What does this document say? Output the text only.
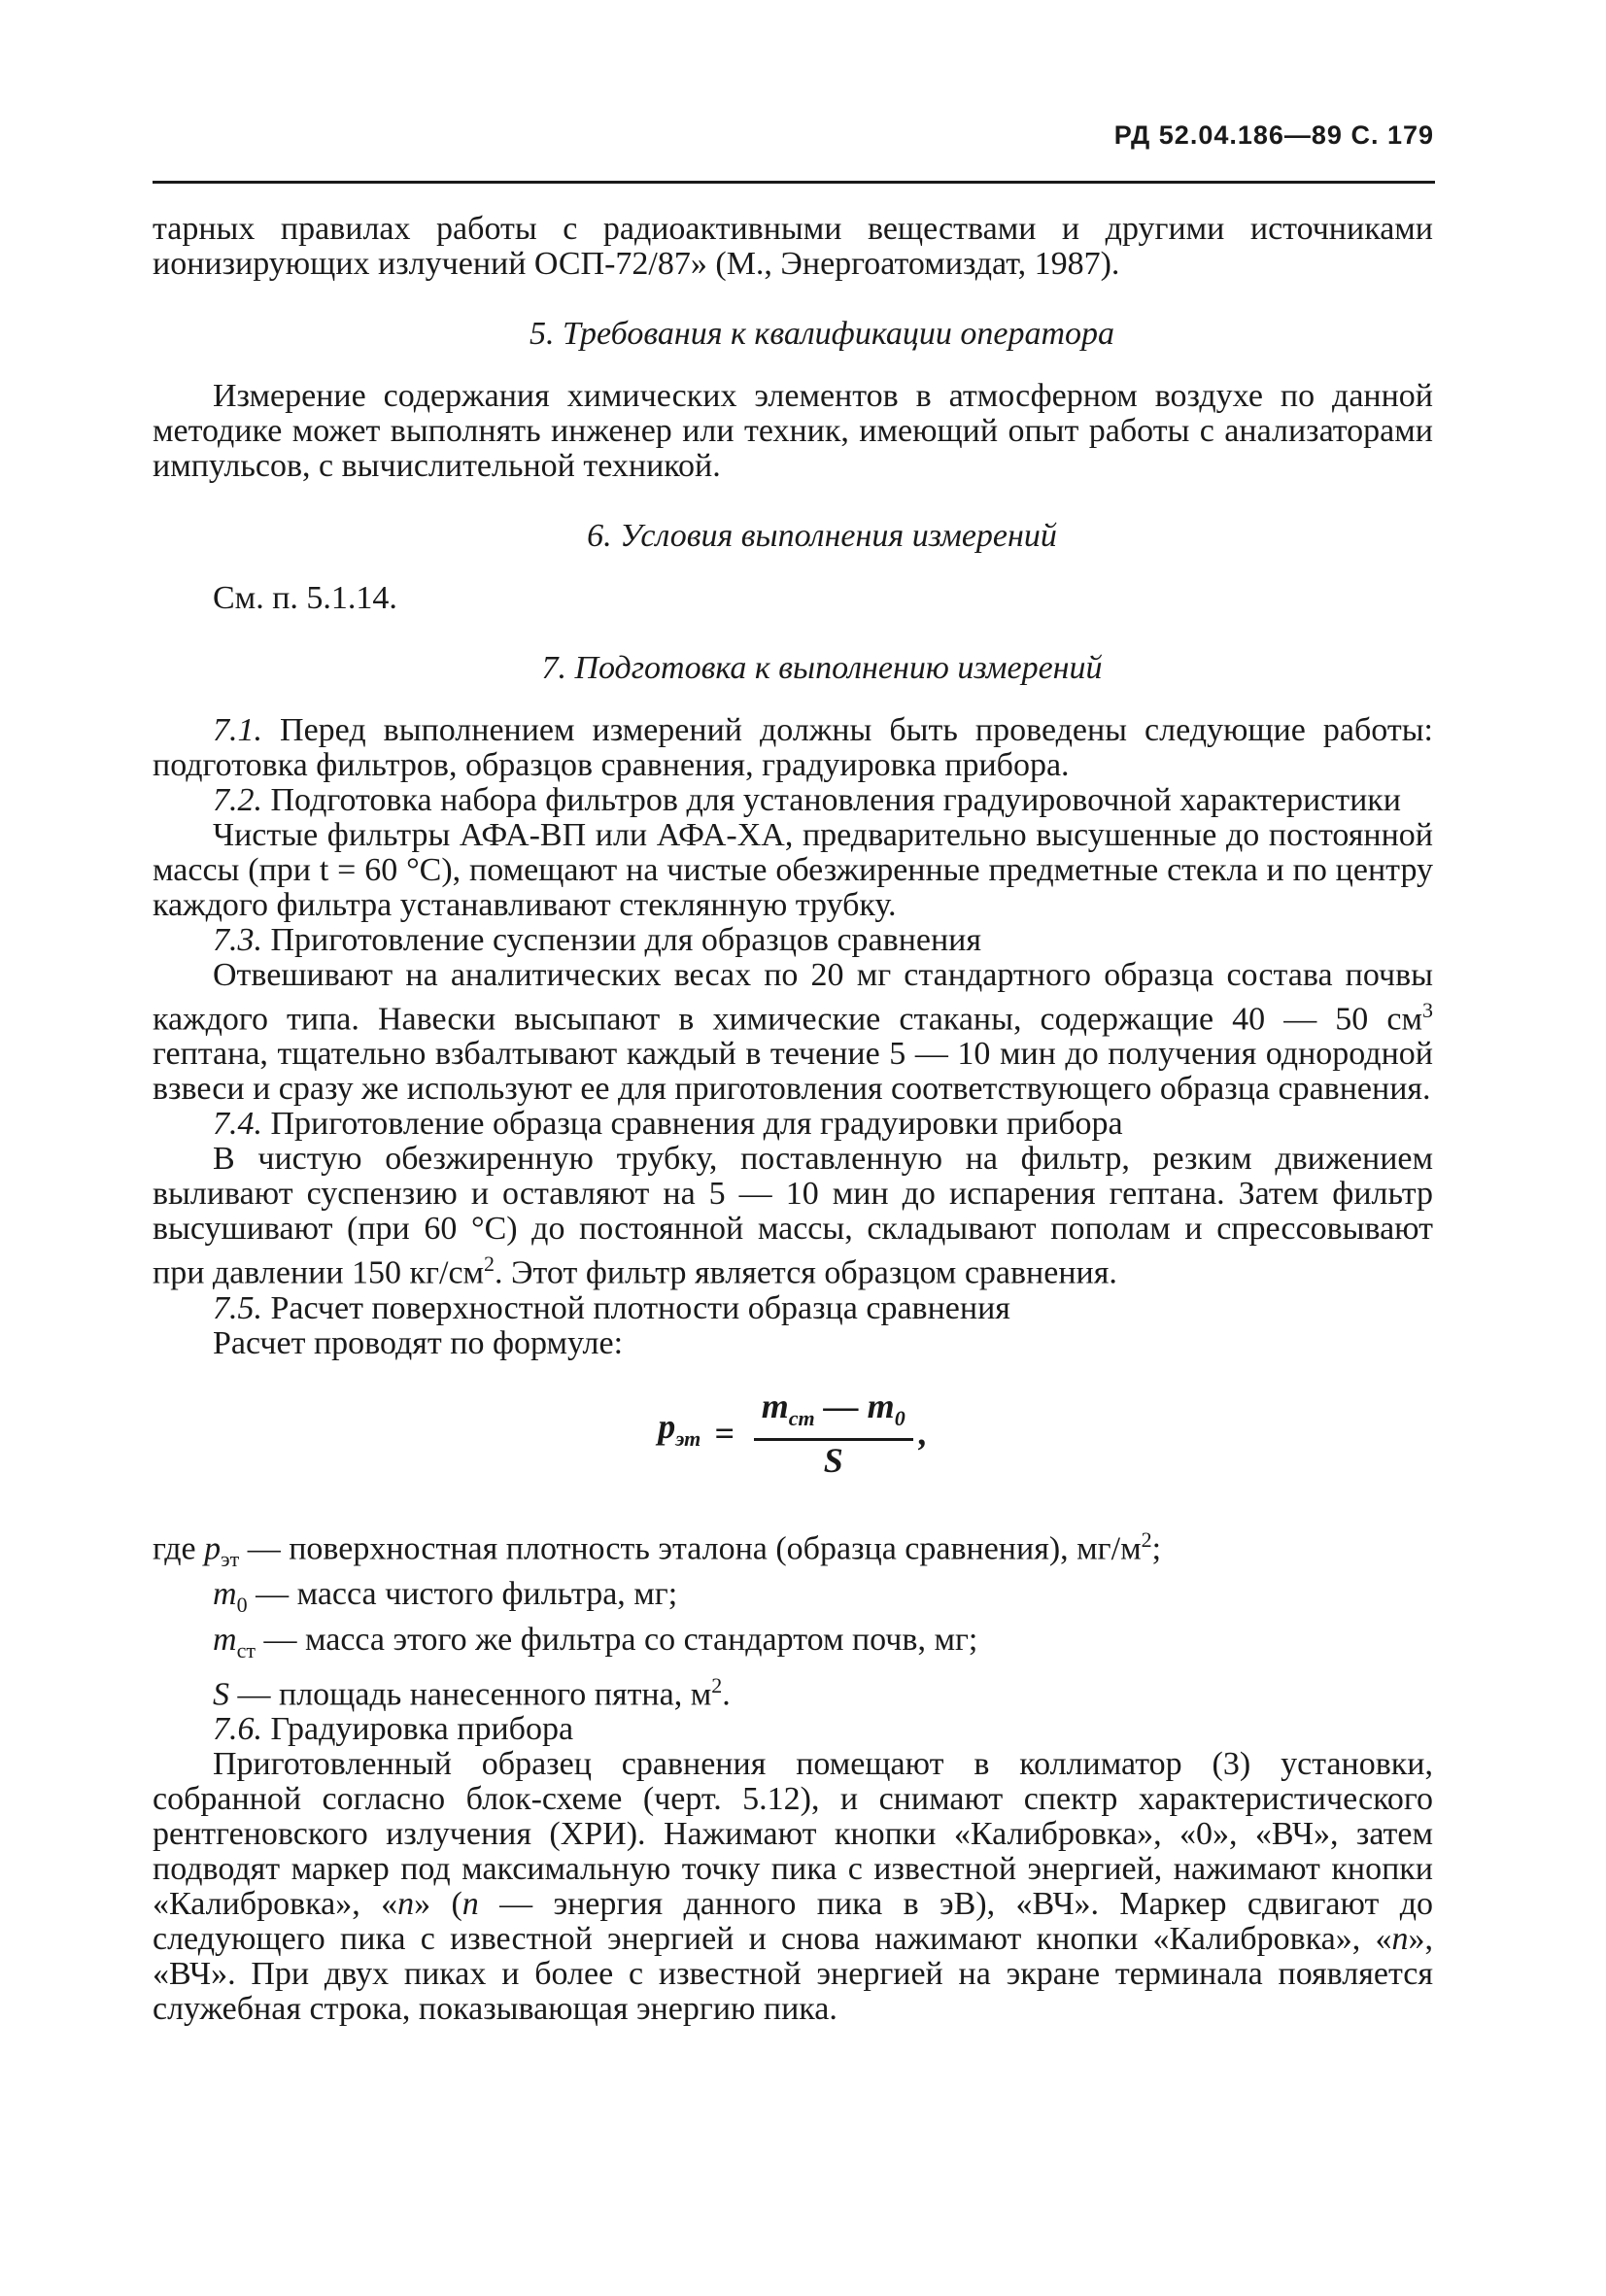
РД 52.04.186—89 С. 179

тарных правилах работы с радиоактивными веществами и другими источниками ионизирующих излучений ОСП-72/87» (М., Энергоатомиздат, 1987).

5. Требования к квалификации оператора

Измерение содержания химических элементов в атмосферном воздухе по данной методике может выполнять инженер или техник, имеющий опыт работы с анализаторами импульсов, с вычислительной техникой.

6. Условия выполнения измерений

См. п. 5.1.14.

7. Подготовка к выполнению измерений

7.1. Перед выполнением измерений должны быть проведены следующие работы: подготовка фильтров, образцов сравнения, градуировка прибора.

7.2. Подготовка набора фильтров для установления градуировочной характеристики

Чистые фильтры АФА-ВП или АФА-ХА, предварительно высушенные до постоянной массы (при t = 60 °С), помещают на чистые обезжиренные предметные стекла и по центру каждого фильтра устанавливают стеклянную трубку.

7.3. Приготовление суспензии для образцов сравнения

Отвешивают на аналитических весах по 20 мг стандартного образца состава почвы каждого типа. Навески высыпают в химические стаканы, содержащие 40 — 50 $см^3$ гептана, тщательно взбалтывают каждый в течение 5 — 10 мин до получения однородной взвеси и сразу же используют ее для приготовления соответствующего образца сравнения.

7.4. Приготовление образца сравнения для градуировки прибора

В чистую обезжиренную трубку, поставленную на фильтр, резким движением выливают суспензию и оставляют на 5 — 10 мин до испарения гептана. Затем фильтр высушивают (при 60 °С) до постоянной массы, складывают пополам и спрессовывают при давлении 150 $кг/см^2$. Этот фильтр является образцом сравнения.

7.5. Расчет поверхностной плотности образца сравнения

Расчет проводят по формуле:

$p_{эт} = \frac{m_{ст} — m_0}{S}$ ,

где $p_{эт}$ — поверхностная плотность эталона (образца сравнения), $мг/м^2$;

$m_0$ — масса чистого фильтра, мг;

$m_{ст}$ — масса этого же фильтра со стандартом почв, мг;

S — площадь нанесенного пятна, $м^2$.

7.6. Градуировка прибора

Приготовленный образец сравнения помещают в коллиматор (3) установки, собранной согласно блок-схеме (черт. 5.12), и снимают спектр характеристического рентгеновского излучения (ХРИ). Нажимают кнопки «Калибровка», «0», «ВЧ», затем подводят маркер под максимальную точку пика с известной энергией, нажимают кнопки «Калибровка», «n» (n — энергия данного пика в эВ), «ВЧ». Маркер сдвигают до следующего пика с известной энергией и снова нажимают кнопки «Калибровка», «n», «ВЧ». При двух пиках и более с известной энергией на экране терминала появляется служебная строка, показывающая энергию пика.
